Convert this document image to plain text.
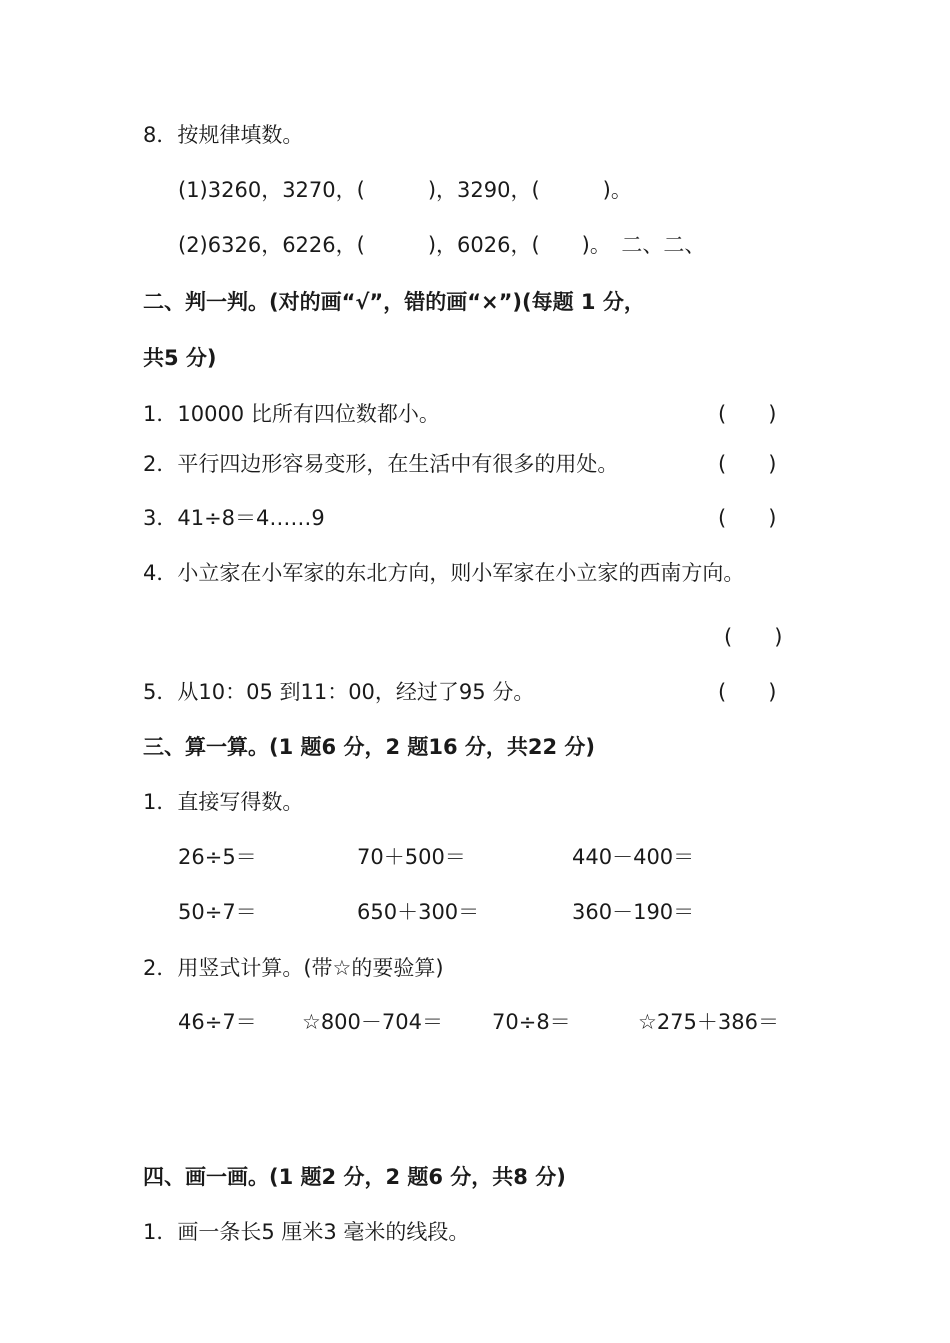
8．按规律填数。
(1)3260，3270，(　　　)，3290，(　　　)。
(2)6326，6226，(　　　)，6026，(　　)。　二、二、
二、判一判。(对的画“√”，错的画“×”)(每题 1 分，
共5 分)
1．10000 比所有四位数都小。	(　　)
2．平行四边形容易变形，在生活中有很多的用处。	(　　)
3．41÷8＝4……9	(　　)
4．小立家在小军家的东北方向，则小军家在小立家的西南方向。
(　　)
5．从10：05 到11：00，经过了95 分。	(　　)
三、算一算。(1 题6 分，2 题16 分，共22 分)
1．直接写得数。
26÷5＝	70＋500＝	440－400＝
50÷7＝	650＋300＝	360－190＝
2．用竖式计算。(带☆的要验算)
46÷7＝ ☆800－704＝ 70÷8＝	☆275＋386＝
四、画一画。(1 题2 分，2 题6 分，共8 分)
1．画一条长5 厘米3 毫米的线段。
